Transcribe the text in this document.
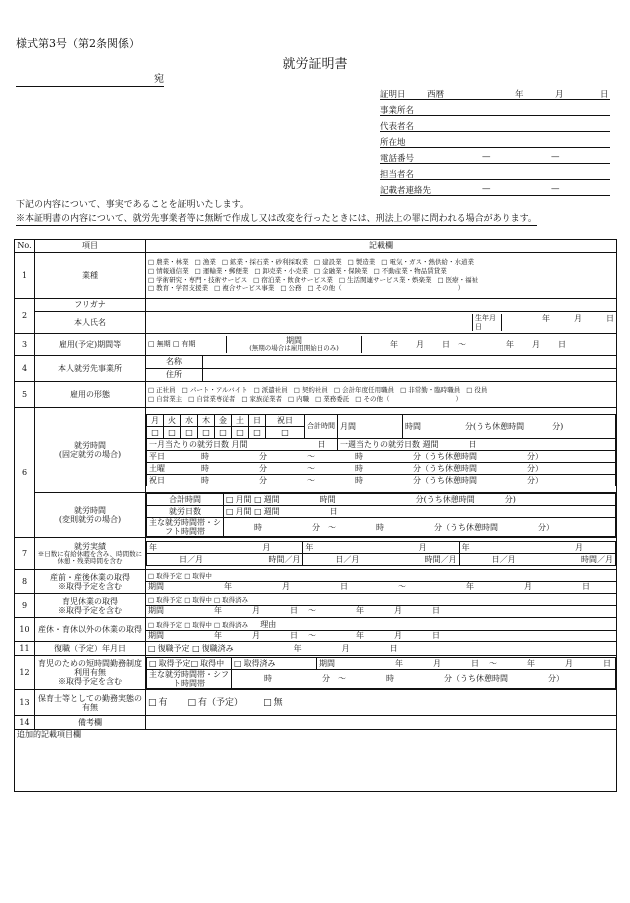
様式第3号（第2条関係）
就労証明書
宛
証明日	西暦	年	月	日
事業所名
代表者名
所在地
電話番号	—	—
担当者名
記載者連絡先	—	—
下記の内容について、事実であることを証明いたします。
※本証明書の内容について、就労先事業者等に無断で作成し又は改変を行ったときには、刑法上の罪に問われる場合があります。
No.	項目	記載欄
1	業種	□ 農業・林業 □ 漁業 □ 鉱業・採石業・砂利採取業 □ 建設業 □ 製造業 □ 電気・ガス・熱供給・水道業
□ 情報通信業 □ 運輸業・郵便業 □ 卸売業・小売業 □ 金融業・保険業 □ 不動産業・物品賃貸業
□ 学術研究・専門・技術サービス □ 宿泊業・飲食サービス業 □ 生活関連サービス業・娯楽業 □ 医療・福祉
□ 教育・学習支援業 □ 複合サービス事業 □ 公務 □ その他（	）
2	フリガナ	
本人氏名	
		生年月日	
年	月	日

3	雇用(予定)期間等		□ 無期 □ 有期	期間
(無期の場合は雇用開始日のみ)	年 月 日 ～	年 月 日

4	本人就労先事業所	
名称	

住所	

5	雇用の形態	□ 正社員 □ パート・アルバイト □ 派遣社員 □ 契約社員 □ 会計年度任用職員 □ 非常勤・臨時職員 □ 役員
□ 自営業主 □ 自営業専従者 □ 家族従業者 □ 内職 □ 業務委託 □ その他（	）
6	就労時間
(固定就労の場合)	
月	火	水	木	金	土	日	祝日	合計時間	月間	時間	分(うち休憩時間	分)
□	□	□	□	□	□	□	□
一月当たりの就労日数 月間	日	一週当たりの就労日数 週間	日
平日	時	分	～	時	分（うち休憩時間	分）
土曜	時	分	～	時	分（うち休憩時間	分）
祝日	時	分	～	時	分（うち休憩時間	分）

就労時間
(変則就労の場合)	
合計時間	□月間 □ 週間	時間	分(うち休憩時間	分)
就労日数	□月間 □ 週間	日
主な就労時間帯・シフト時間帯	時	分 ～	時	分（うち休憩時間	分）

7	
就労実績
※日数に有給休暇を含み、時間数に休憩・残業時間を含む

年	月	年	月	年	月

日／月	時間／月	日／月	時間／月	日／月	時間／月

8	
産前・産後休業の取得
※取得予定を含む

□ 取得予定 □ 取得中
期間	年	月	日	～	年	月	日

9	
育児休業の取得
※取得予定を含む

□ 取得予定 □ 取得中 □ 取得済み
期間	年	月	日 ～	年	月	日

10	産休・育休以外の休業の取得	
□ 取得予定 □ 取得中 □ 取得済み 理由
期間	年	月	日 ～	年	月	日

11	復職（予定）年月日	□復職予定 □ 復職済み	年	月	日
12	
育児のための短時間勤務制度利用有無
※取得予定を含む

□ 取得予定 □ 取得中	□取得済み	期間	年	月	日 ～	年	月	日
主な就労時間帯・シフト時間帯	時	分 ～	時	分（うち休憩時間	分）

13	保育士等としての勤務実態の有無	□有	□ 有（予定）	□ 無
14	備考欄	
追加的記載項目欄
